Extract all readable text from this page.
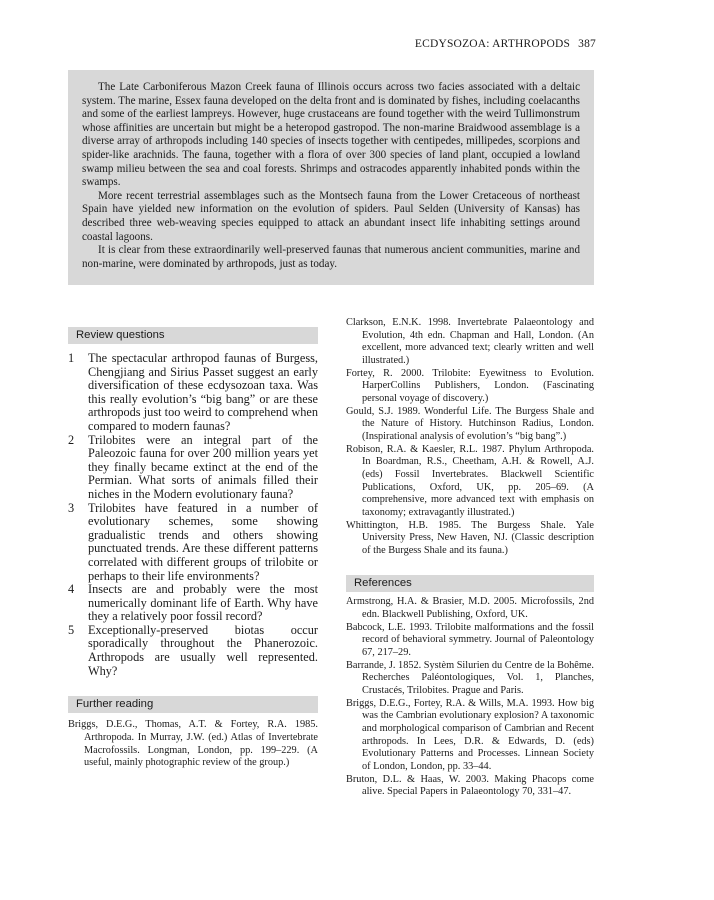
ECDYSOZOA: ARTHROPODS 387

The Late Carboniferous Mazon Creek fauna of Illinois occurs across two facies associated with a deltaic system. The marine, Essex fauna developed on the delta front and is dominated by fishes, including coelacanths and some of the earliest lampreys. However, huge crustaceans are found together with the weird Tullimonstrum whose affinities are uncertain but might be a heteropod gastropod. The non-marine Braidwood assemblage is a diverse array of arthropods including 140 species of insects together with centipedes, millipedes, scorpions and spider-like arachnids. The fauna, together with a flora of over 300 species of land plant, occupied a lowland swamp milieu between the sea and coal forests. Shrimps and ostracodes apparently inhabited ponds within the swamps.

More recent terrestrial assemblages such as the Montsech fauna from the Lower Cretaceous of northeast Spain have yielded new information on the evolution of spiders. Paul Selden (University of Kansas) has described three web-weaving species equipped to attack an abundant insect life inhabiting settings around coastal lagoons.

It is clear from these extraordinarily well-preserved faunas that numerous ancient communities, marine and non-marine, were dominated by arthropods, just as today.

Review questions
1 The spectacular arthropod faunas of Burgess, Chengjiang and Sirius Passet suggest an early diversification of these ecdysozoan taxa. Was this really evolution’s “big bang” or are these arthropods just too weird to comprehend when compared to modern faunas?
2 Trilobites were an integral part of the Paleozoic fauna for over 200 million years yet they finally became extinct at the end of the Permian. What sorts of animals filled their niches in the Modern evolutionary fauna?
3 Trilobites have featured in a number of evolutionary schemes, some showing gradualistic trends and others showing punctuated trends. Are these different patterns correlated with different groups of trilobite or perhaps to their life environments?
4 Insects are and probably were the most numerically dominant life of Earth. Why have they a relatively poor fossil record?
5 Exceptionally-preserved biotas occur sporadically throughout the Phanerozoic. Arthropods are usually well represented. Why?
Further reading

Briggs, D.E.G., Thomas, A.T. & Fortey, R.A. 1985. Arthropoda. In Murray, J.W. (ed.) Atlas of Invertebrate Macrofossils. Longman, London, pp. 199–229. (A useful, mainly photographic review of the group.)

Clarkson, E.N.K. 1998. Invertebrate Palaeontology and Evolution, 4th edn. Chapman and Hall, London. (An excellent, more advanced text; clearly written and well illustrated.)

Fortey, R. 2000. Trilobite: Eyewitness to Evolution. HarperCollins Publishers, London. (Fascinating personal voyage of discovery.)

Gould, S.J. 1989. Wonderful Life. The Burgess Shale and the Nature of History. Hutchinson Radius, London. (Inspirational analysis of evolution’s “big bang”.)

Robison, R.A. & Kaesler, R.L. 1987. Phylum Arthropoda. In Boardman, R.S., Cheetham, A.H. & Rowell, A.J. (eds) Fossil Invertebrates. Blackwell Scientific Publications, Oxford, UK, pp. 205–69. (A comprehensive, more advanced text with emphasis on taxonomy; extravagantly illustrated.)

Whittington, H.B. 1985. The Burgess Shale. Yale University Press, New Haven, NJ. (Classic description of the Burgess Shale and its fauna.)

References

Armstrong, H.A. & Brasier, M.D. 2005. Microfossils, 2nd edn. Blackwell Publishing, Oxford, UK.

Babcock, L.E. 1993. Trilobite malformations and the fossil record of behavioral symmetry. Journal of Paleontology 67, 217–29.

Barrande, J. 1852. Systèm Silurien du Centre de la Bohême. Recherches Paléontologiques, Vol. 1, Planches, Crustacés, Trilobites. Prague and Paris.

Briggs, D.E.G., Fortey, R.A. & Wills, M.A. 1993. How big was the Cambrian evolutionary explosion? A taxonomic and morphological comparison of Cambrian and Recent arthropods. In Lees, D.R. & Edwards, D. (eds) Evolutionary Patterns and Processes. Linnean Society of London, London, pp. 33–44.

Bruton, D.L. & Haas, W. 2003. Making Phacops come alive. Special Papers in Palaeontology 70, 331–47.
